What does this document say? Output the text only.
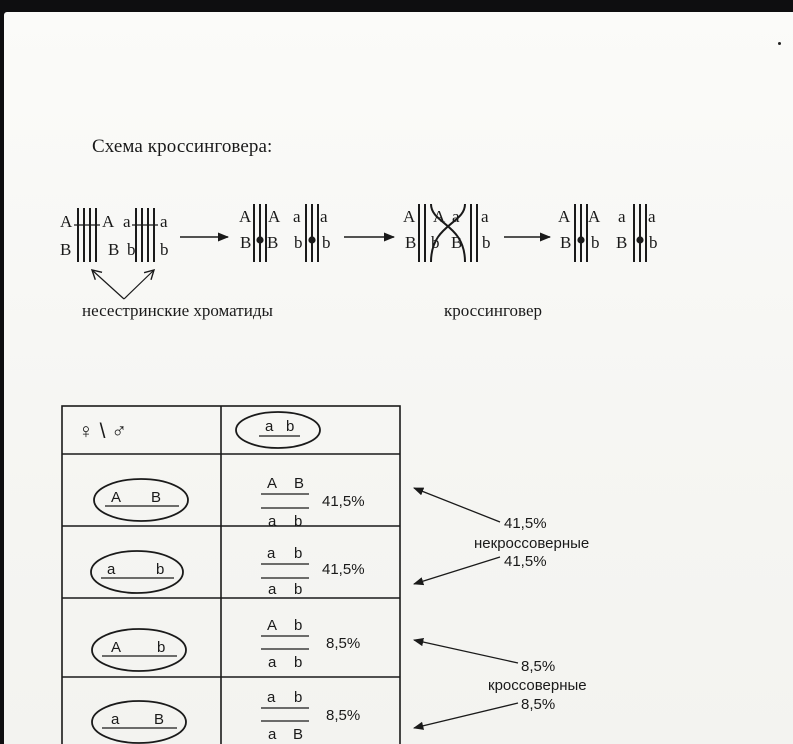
Схема кроссинговера:
A
B
A
B
a
b
a
b
несестринские хроматиды
A A
B B
a a
b b
A A a a
B b B b
кроссинговер
A A a a
B b B b
♀ \ ♂	a b
A B
A B
a b
41,5%
a	b
a b
a b
41,5%
A b
A b
a b
8,5%
a B
a b
a B
8,5%
41,5%
некроссоверные
41,5%
8,5%
кроссоверные
8,5%
